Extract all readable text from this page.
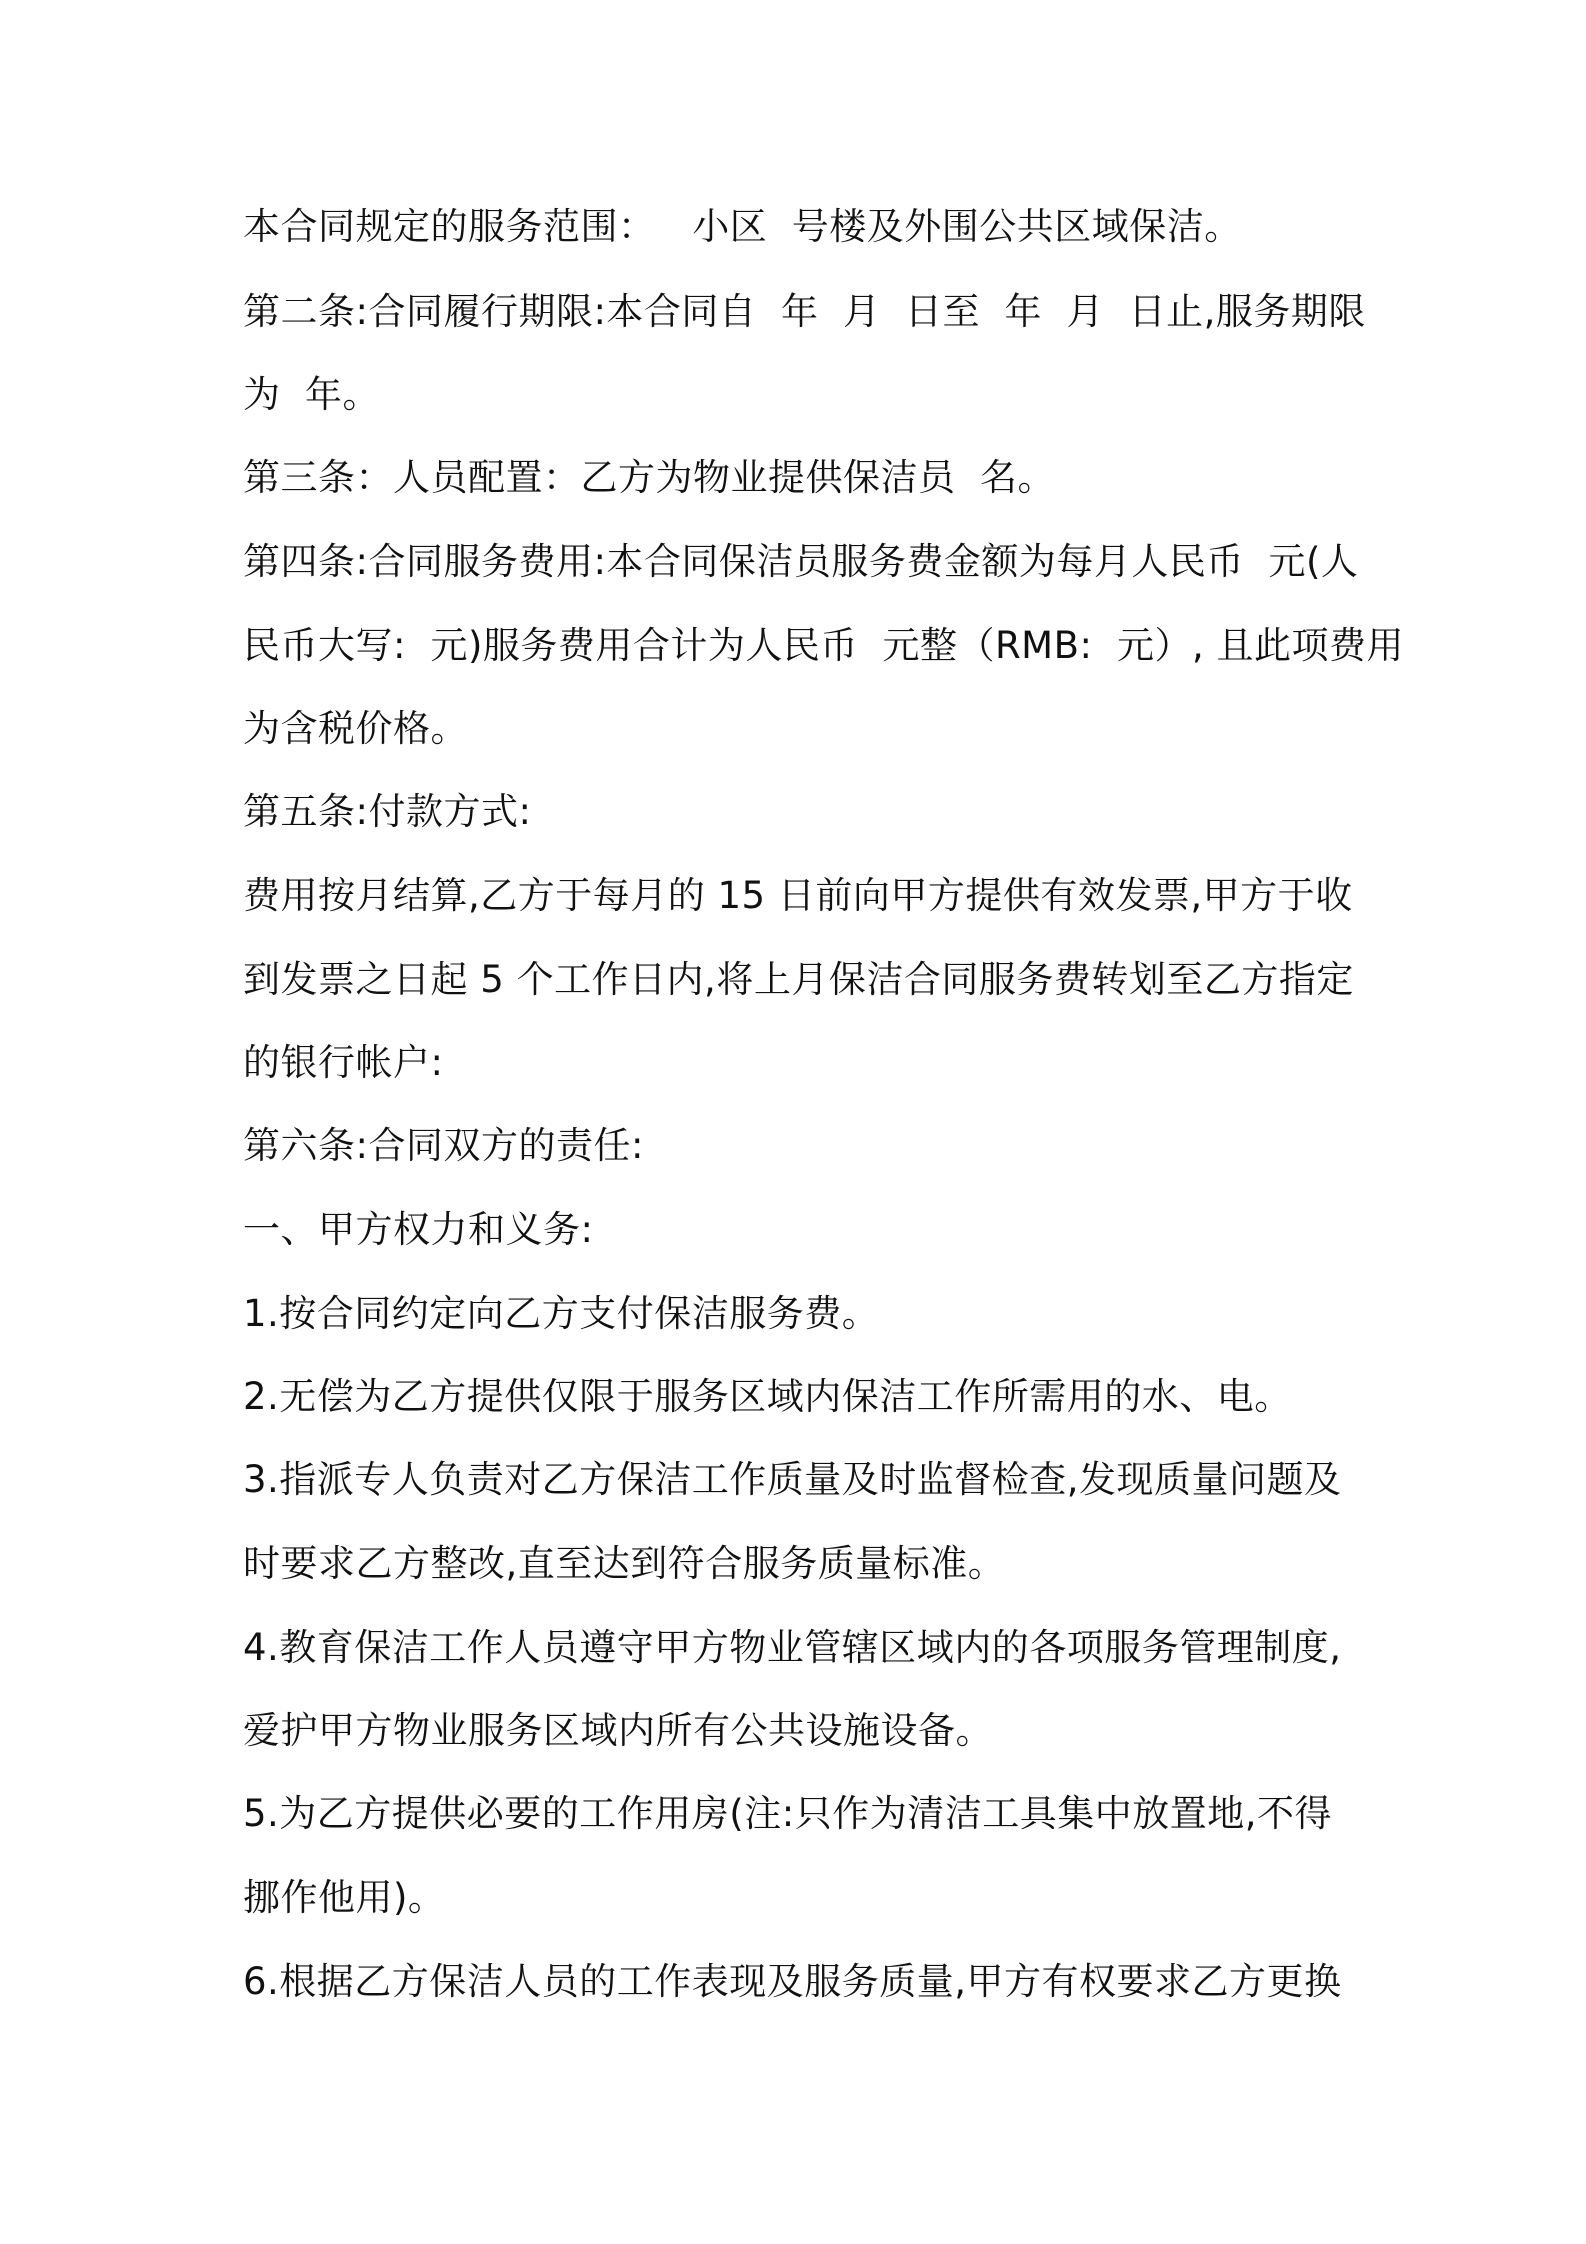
本合同规定的服务范围：   小区  号楼及外围公共区域保洁。
第二条:合同履行期限:本合同自  年  月  日至  年  月  日止,服务期限
为  年。
第三条：人员配置：乙方为物业提供保洁员  名。
第四条:合同服务费用:本合同保洁员服务费金额为每月人民币  元(人
民币大写:  元)服务费用合计为人民币  元整（RMB:  元）, 且此项费用
为含税价格。
第五条:付款方式:
费用按月结算,乙方于每月的 15 日前向甲方提供有效发票,甲方于收
到发票之日起 5 个工作日内,将上月保洁合同服务费转划至乙方指定
的银行帐户:
第六条:合同双方的责任:
一、甲方权力和义务:
1.按合同约定向乙方支付保洁服务费。
2.无偿为乙方提供仅限于服务区域内保洁工作所需用的水、电。
3.指派专人负责对乙方保洁工作质量及时监督检查,发现质量问题及
时要求乙方整改,直至达到符合服务质量标准。
4.教育保洁工作人员遵守甲方物业管辖区域内的各项服务管理制度,
爱护甲方物业服务区域内所有公共设施设备。
5.为乙方提供必要的工作用房(注:只作为清洁工具集中放置地,不得
挪作他用)。
6.根据乙方保洁人员的工作表现及服务质量,甲方有权要求乙方更换
